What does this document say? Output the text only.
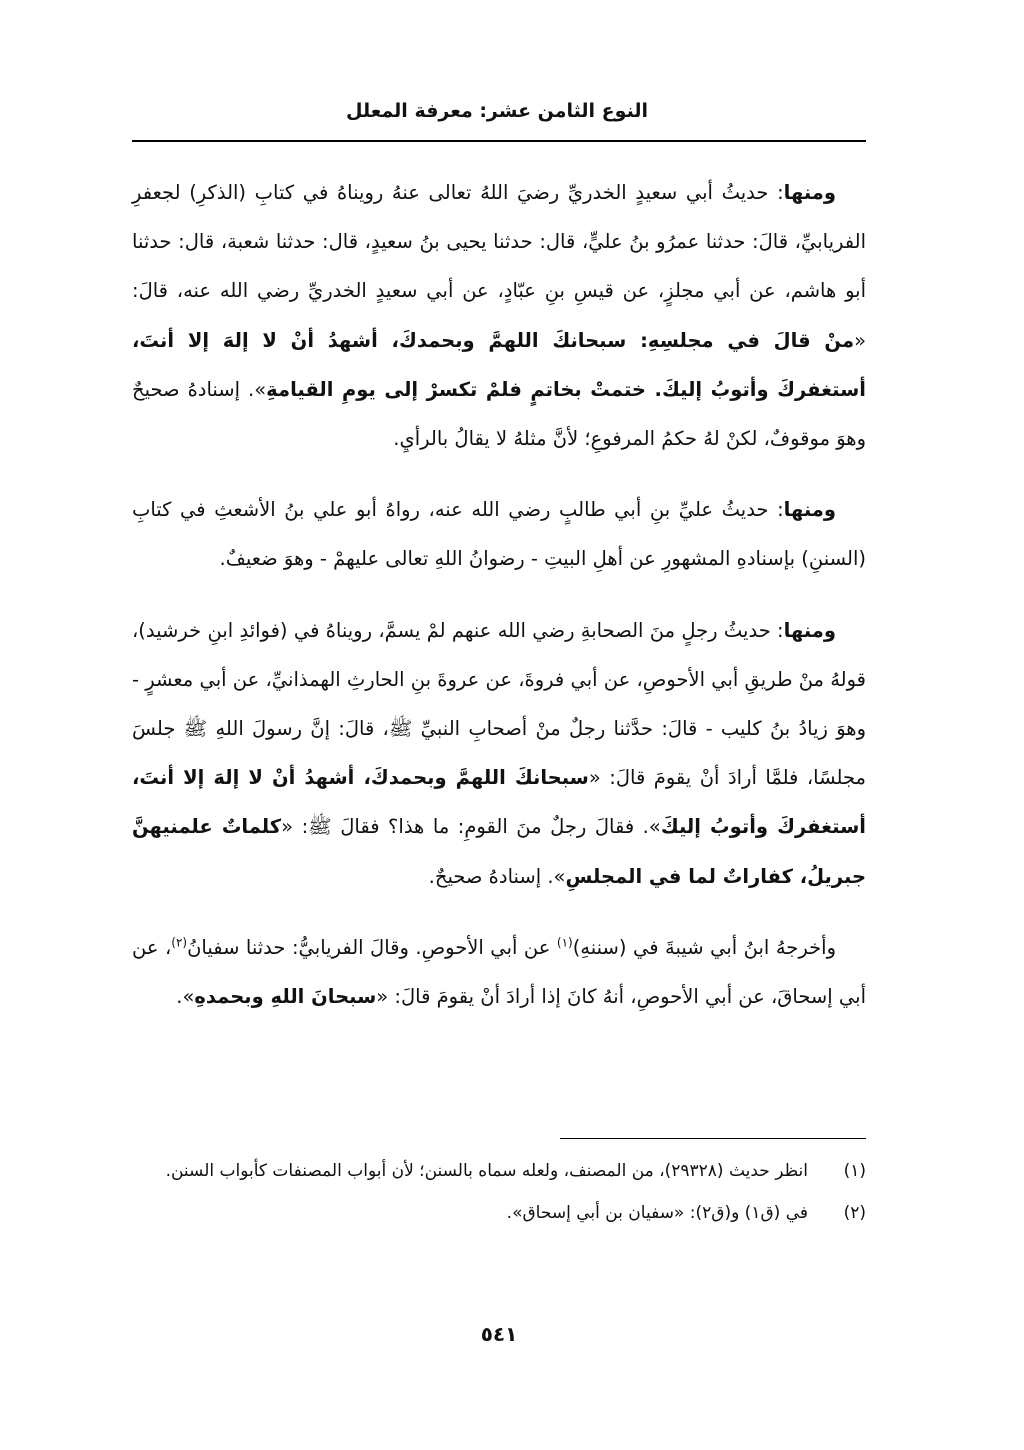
النوع الثامن عشر: معرفة المعلل

ومنها: حديثُ أبي سعيدٍ الخدريِّ رضيَ اللهُ تعالى عنهُ رويناهُ في كتابِ (الذكرِ) لجعفرِ الفريابيِّ، قالَ: حدثنا عمرُو بنُ عليٍّ، قال: حدثنا يحيى بنُ سعيدٍ، قال: حدثنا شعبة، قال: حدثنا أبو هاشم، عن أبي مجلزٍ، عن قيسِ بنِ عبّادٍ، عن أبي سعيدٍ الخدريِّ رضي الله عنه، قالَ: «منْ قالَ في مجلسِهِ: سبحانكَ اللهمَّ وبحمدكَ، أشهدُ أنْ لا إلهَ إلا أنتَ، أستغفركَ وأتوبُ إليكَ. ختمتْ بخاتمٍ فلمْ تكسرْ إلى يومِ القيامةِ». إسنادهُ صحيحٌ وهوَ موقوفٌ، لكنْ لهُ حكمُ المرفوعِ؛ لأنَّ مثلهُ لا يقالُ بالرأيِ.

ومنها: حديثُ عليِّ بنِ أبي طالبٍ رضي الله عنه، رواهُ أبو علي بنُ الأشعثِ في كتابِ (السننِ) بإسنادهِ المشهورِ عن أهلِ البيتِ - رضوانُ اللهِ تعالى عليهمْ - وهوَ ضعيفٌ.

ومنها: حديثُ رجلٍ منَ الصحابةِ رضي الله عنهم لمْ يسمَّ، رويناهُ في (فوائدِ ابنِ خرشيد)، قولهُ منْ طريقِ أبي الأحوصِ، عن أبي فروةَ، عن عروةَ بنِ الحارثِ الهمذانيِّ، عن أبي معشرٍ - وهوَ زيادُ بنُ كليب - قالَ: حدَّثنا رجلٌ منْ أصحابِ النبيِّ ﷺ، قالَ: إنَّ رسولَ اللهِ ﷺ جلسَ مجلسًا، فلمَّا أرادَ أنْ يقومَ قالَ: «سبحانكَ اللهمَّ وبحمدكَ، أشهدُ أنْ لا إلهَ إلا أنتَ، أستغفركَ وأتوبُ إليكَ». فقالَ رجلٌ منَ القومِ: ما هذا؟ فقالَ ﷺ: «كلماتٌ علمنيهنَّ جبريلُ، كفاراتٌ لما في المجلسِ». إسنادهُ صحيحٌ.

وأخرجهُ ابنُ أبي شيبةَ في (سننهِ)$^{(١)}$ عن أبي الأحوصِ. وقالَ الفريابيُّ: حدثنا سفيانُ$^{(٢)}$، عن أبي إسحاقَ، عن أبي الأحوصِ، أنهُ كانَ إذا أرادَ أنْ يقومَ قالَ: «سبحانَ اللهِ وبحمدهِ».

(١)
انظر حديث (٢٩٣٢٨)، من المصنف، ولعله سماه بالسنن؛ لأن أبواب المصنفات كأبواب السنن.
(٢)
في (ق١) و(ق٢): «سفيان بن أبي إسحاق».
٥٤١
